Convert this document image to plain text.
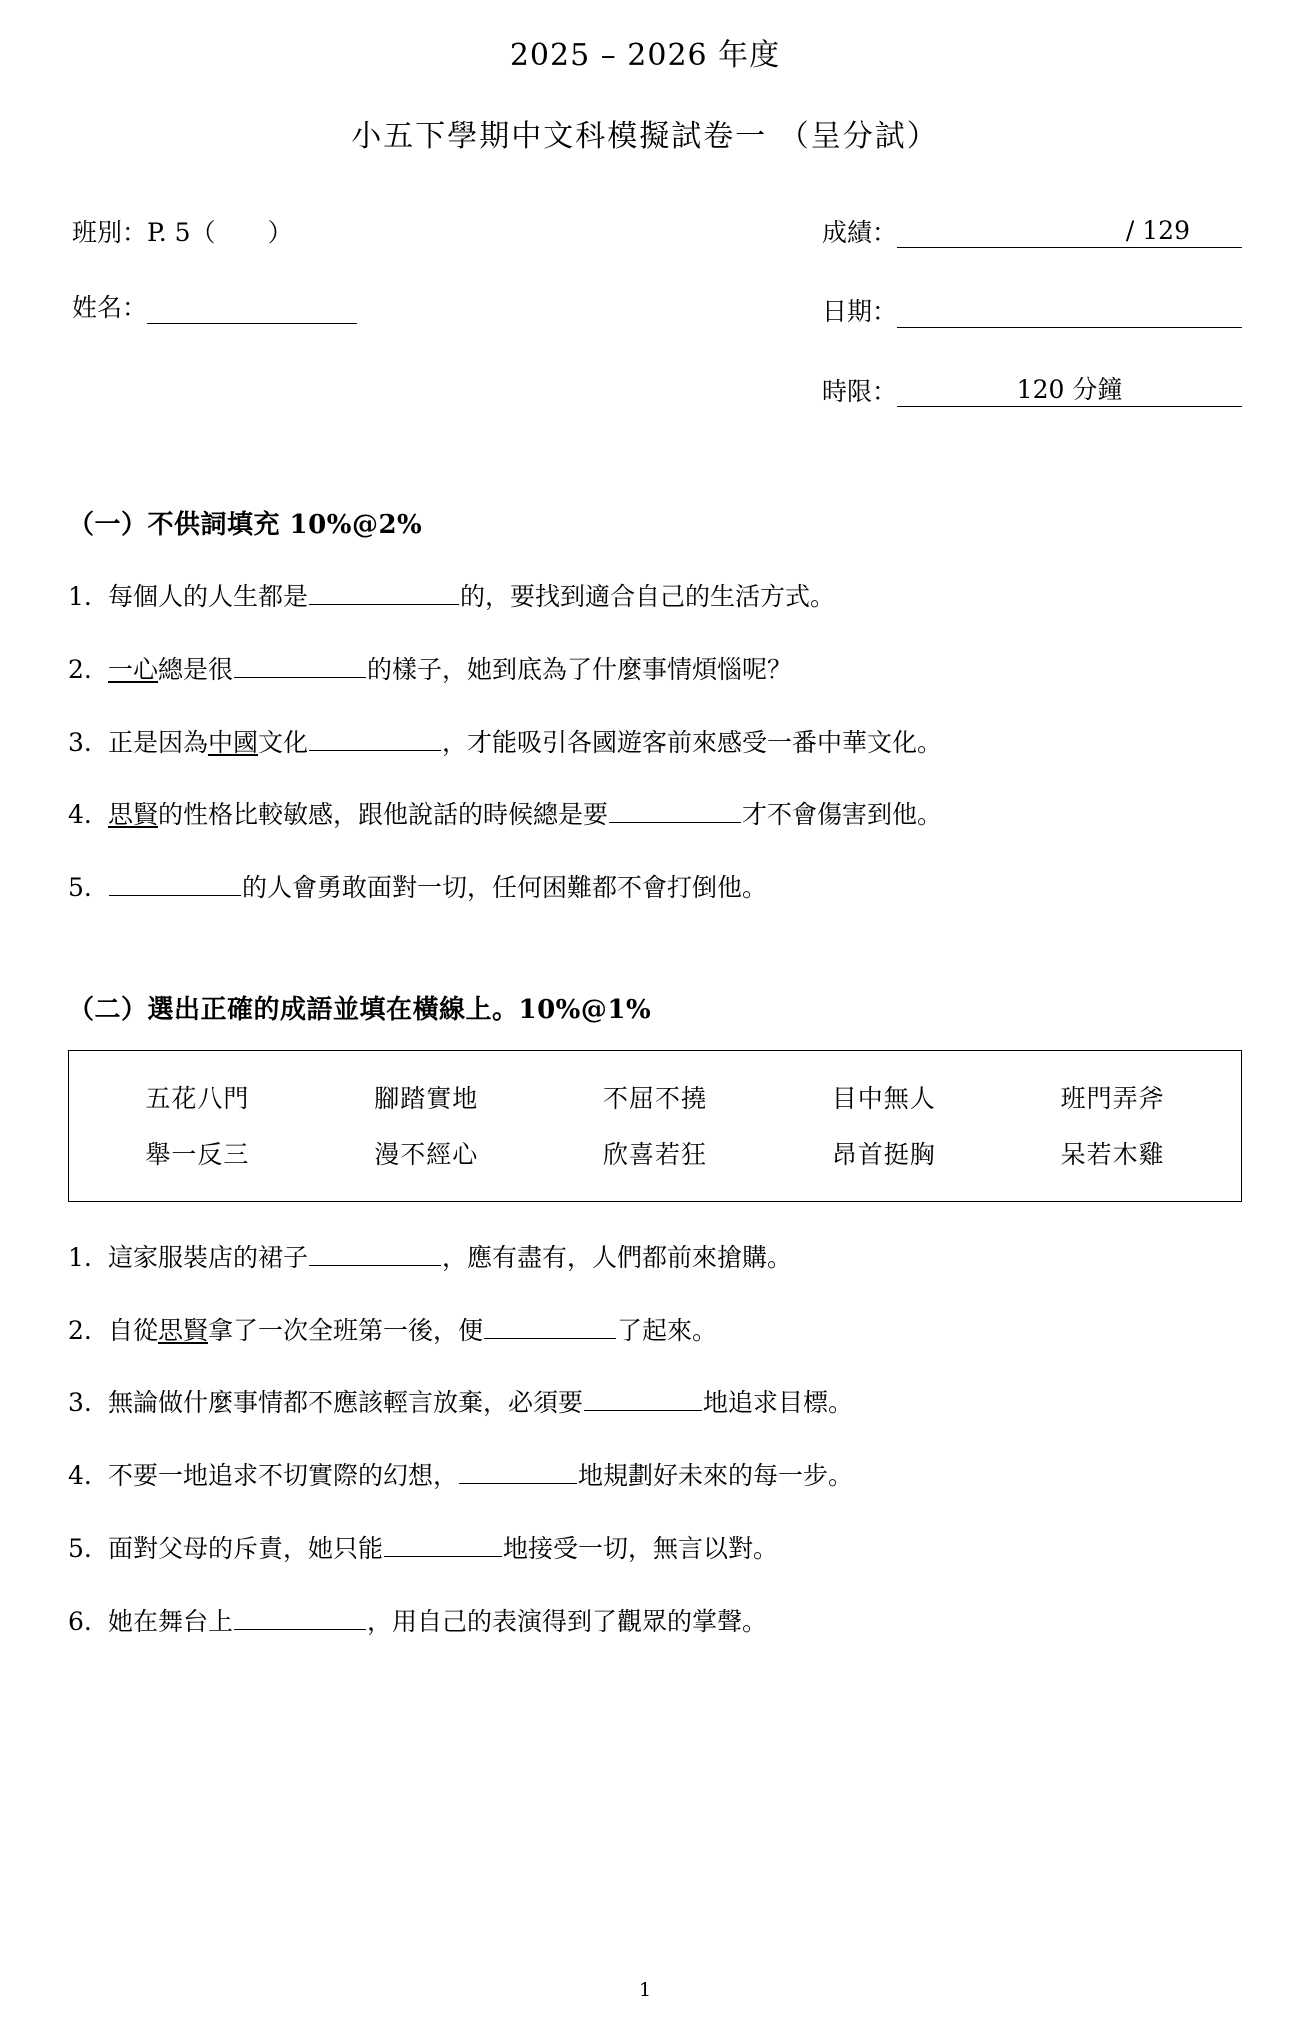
2025 – 2026 年度
小五下學期中文科模擬試卷一 （呈分試）
班別：P. 5（ ）
姓名：
成績：	/ 129
日期：
時限：	120 分鐘
（一）不供詞填充 10%@2%
1. 每個人的人生都是	的，要找到適合自己的生活方式。
2. 一心總是很	的樣子，她到底為了什麼事情煩惱呢？
3. 正是因為中國文化	，才能吸引各國遊客前來感受一番中華文化。
4. 思賢的性格比較敏感，跟他說話的時候總是要	才不會傷害到他。
5.	的人會勇敢面對一切，任何困難都不會打倒他。
（二）選出正確的成語並填在橫線上。10%@1%
五花八門	腳踏實地	不屈不撓	目中無人	班門弄斧
舉一反三	漫不經心	欣喜若狂	昂首挺胸	呆若木雞
1. 這家服裝店的裙子	，應有盡有，人們都前來搶購。
2. 自從思賢拿了一次全班第一後，便	了起來。
3. 無論做什麼事情都不應該輕言放棄，必須要	地追求目標。
4. 不要一地追求不切實際的幻想，	地規劃好未來的每一步。
5. 面對父母的斥責，她只能	地接受一切，無言以對。
6. 她在舞台上	，用自己的表演得到了觀眾的掌聲。
1
